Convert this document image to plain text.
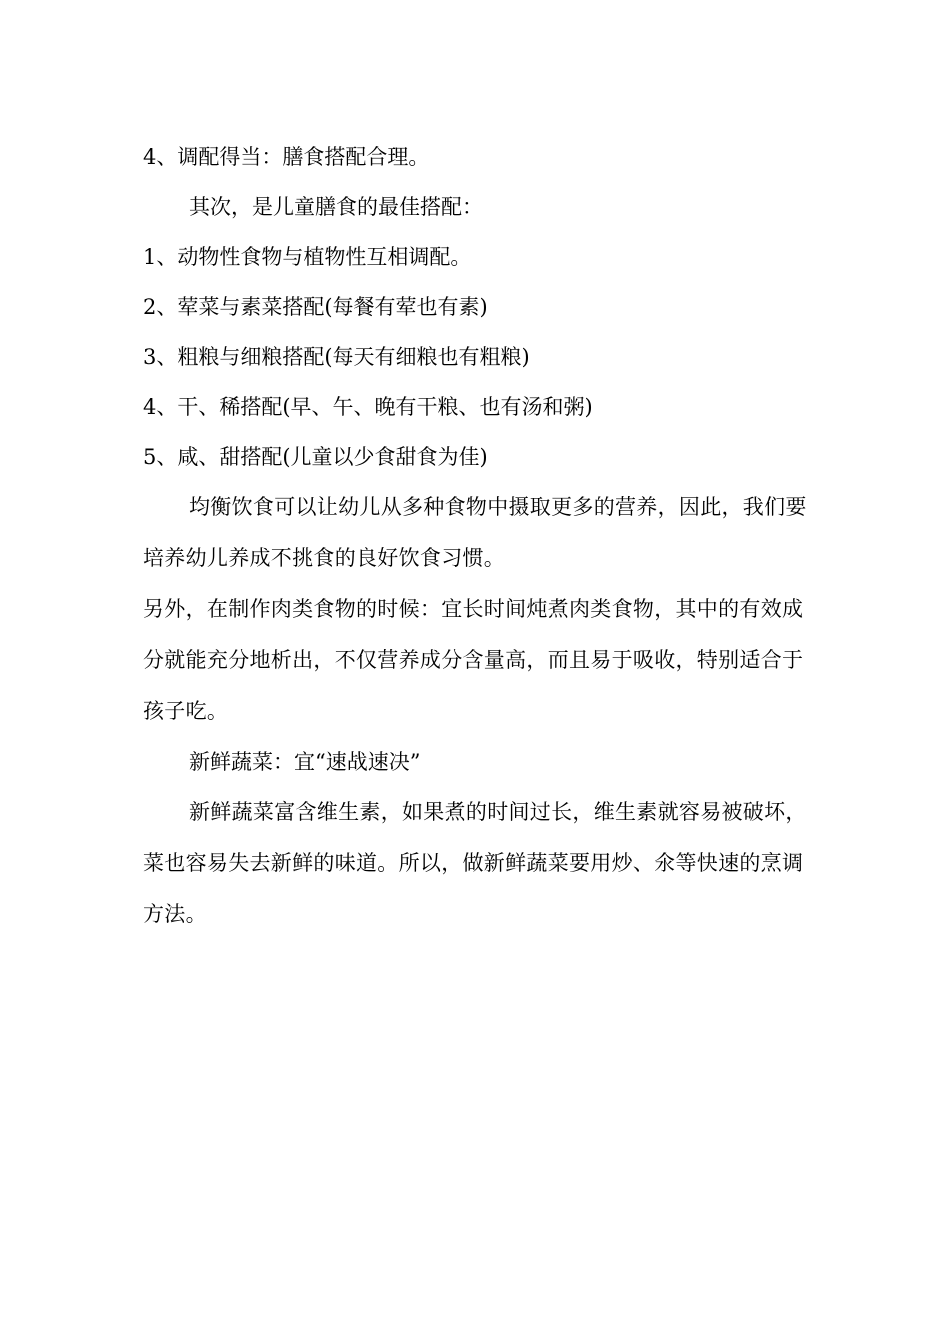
4、调配得当：膳食搭配合理。

其次，是儿童膳食的最佳搭配：

1、动物性食物与植物性互相调配。

2、荤菜与素菜搭配(每餐有荤也有素)

3、粗粮与细粮搭配(每天有细粮也有粗粮)

4、干、稀搭配(早、午、晚有干粮、也有汤和粥)

5、咸、甜搭配(儿童以少食甜食为佳)

均衡饮食可以让幼儿从多种食物中摄取更多的营养，因此，我们要培养幼儿养成不挑食的良好饮食习惯。

另外，在制作肉类食物的时候：宜长时间炖煮肉类食物，其中的有效成分就能充分地析出，不仅营养成分含量高，而且易于吸收，特别适合于孩子吃。

新鲜蔬菜：宜“速战速决”

新鲜蔬菜富含维生素，如果煮的时间过长，维生素就容易被破坏，菜也容易失去新鲜的味道。所以，做新鲜蔬菜要用炒、氽等快速的烹调方法。
